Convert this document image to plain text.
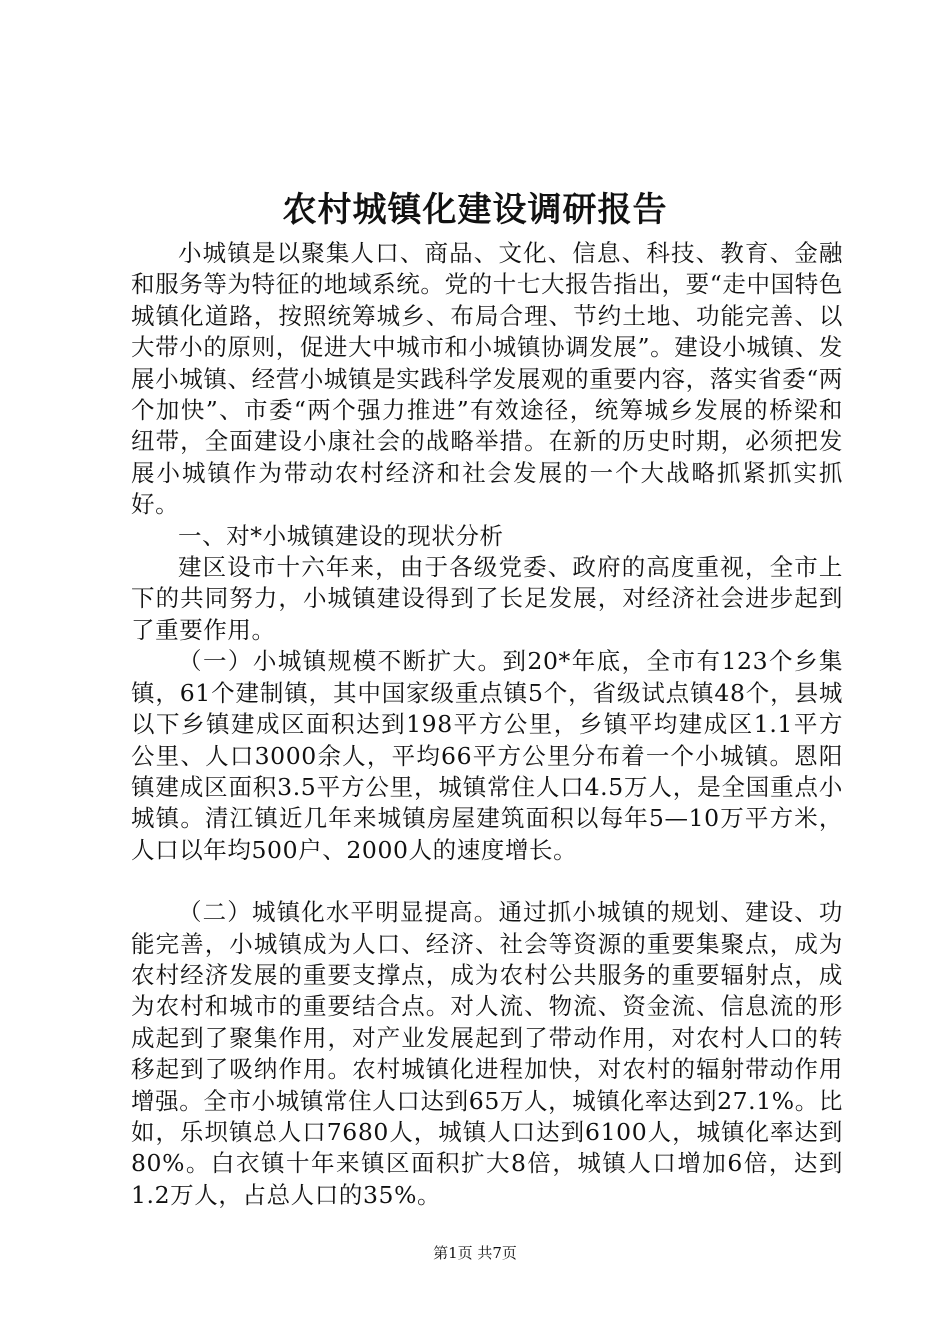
农村城镇化建设调研报告

小城镇是以聚集人口、商品、文化、信息、科技、教育、金融和服务等为特征的地域系统。党的十七大报告指出，要“走中国特色城镇化道路，按照统筹城乡、布局合理、节约土地、功能完善、以大带小的原则，促进大中城市和小城镇协调发展”。建设小城镇、发展小城镇、经营小城镇是实践科学发展观的重要内容，落实省委“两个加快”、市委“两个强力推进”有效途径，统筹城乡发展的桥梁和纽带，全面建设小康社会的战略举措。在新的历史时期，必须把发展小城镇作为带动农村经济和社会发展的一个大战略抓紧抓实抓好。

一、对*小城镇建设的现状分析

建区设市十六年来，由于各级党委、政府的高度重视，全市上下的共同努力，小城镇建设得到了长足发展，对经济社会进步起到了重要作用。

（一）小城镇规模不断扩大。到20*年底，全市有123个乡集镇，61个建制镇，其中国家级重点镇5个，省级试点镇48个，县城以下乡镇建成区面积达到198平方公里，乡镇平均建成区1.1平方公里、人口3000余人，平均66平方公里分布着一个小城镇。恩阳镇建成区面积3.5平方公里，城镇常住人口4.5万人，是全国重点小城镇。清江镇近几年来城镇房屋建筑面积以每年5—10万平方米，人口以年均500户、2000人的速度增长。

（二）城镇化水平明显提高。通过抓小城镇的规划、建设、功能完善，小城镇成为人口、经济、社会等资源的重要集聚点，成为农村经济发展的重要支撑点，成为农村公共服务的重要辐射点，成为农村和城市的重要结合点。对人流、物流、资金流、信息流的形成起到了聚集作用，对产业发展起到了带动作用，对农村人口的转移起到了吸纳作用。农村城镇化进程加快，对农村的辐射带动作用增强。全市小城镇常住人口达到65万人，城镇化率达到27.1%。比如，乐坝镇总人口7680人，城镇人口达到6100人，城镇化率达到80%。白衣镇十年来镇区面积扩大8倍，城镇人口增加6倍，达到1.2万人，占总人口的35%。

第1页 共7页
